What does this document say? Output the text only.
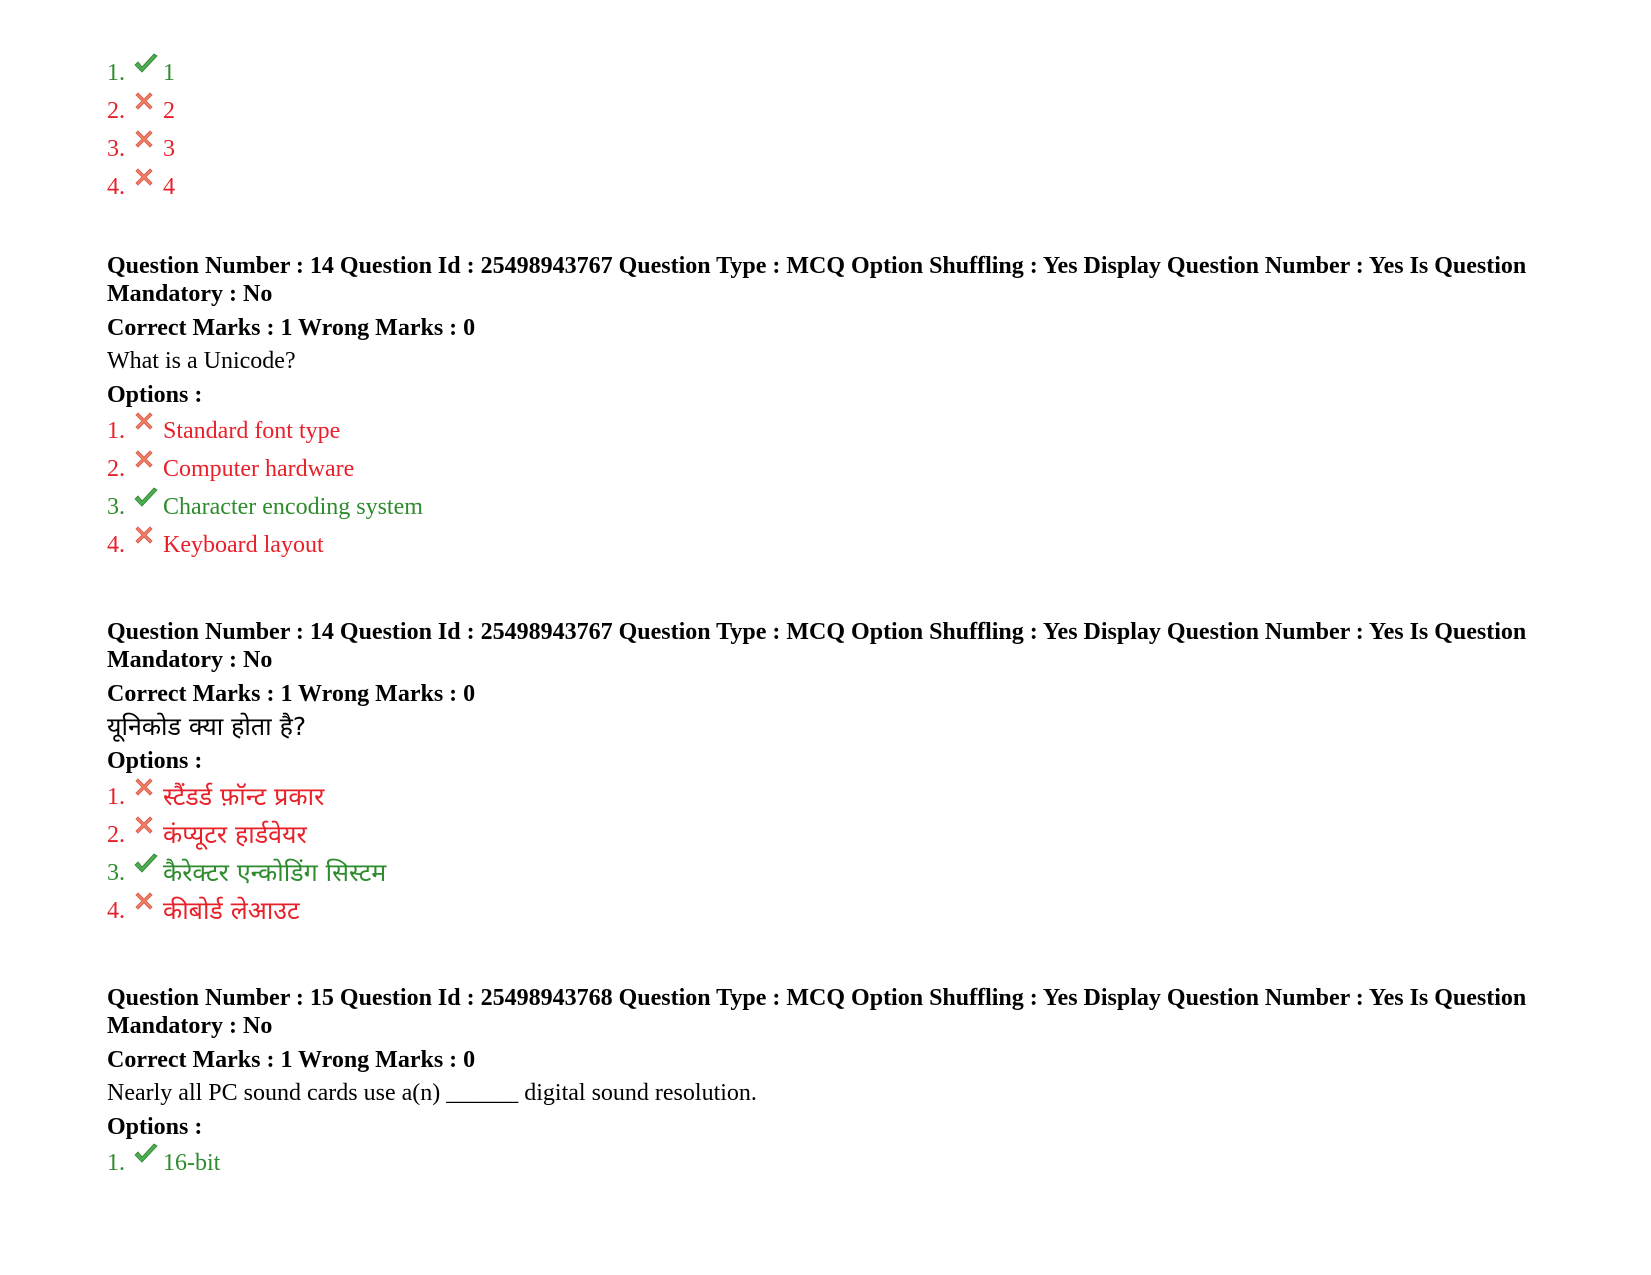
1.	1
2.	2
3.	3
4.	4
Question Number : 14 Question Id : 25498943767 Question Type : MCQ Option Shuffling : Yes Display Question Number : Yes Is Question Mandatory : No
Correct Marks : 1 Wrong Marks : 0
What is a Unicode?
Options :
1.	Standard font type
2.	Computer hardware
3.	Character encoding system
4.	Keyboard layout
Question Number : 14 Question Id : 25498943767 Question Type : MCQ Option Shuffling : Yes Display Question Number : Yes Is Question Mandatory : No
Correct Marks : 1 Wrong Marks : 0
यूनिकोड क्या होता है?
Options :
1.	स्टैंडर्ड फ़ॉन्ट प्रकार
2.	कंप्यूटर हार्डवेयर
3.	कैरेक्टर एन्कोडिंग सिस्टम
4.	कीबोर्ड लेआउट
Question Number : 15 Question Id : 25498943768 Question Type : MCQ Option Shuffling : Yes Display Question Number : Yes Is Question Mandatory : No
Correct Marks : 1 Wrong Marks : 0
Nearly all PC sound cards use a(n) ______ digital sound resolution.
Options :
1.	16-bit
